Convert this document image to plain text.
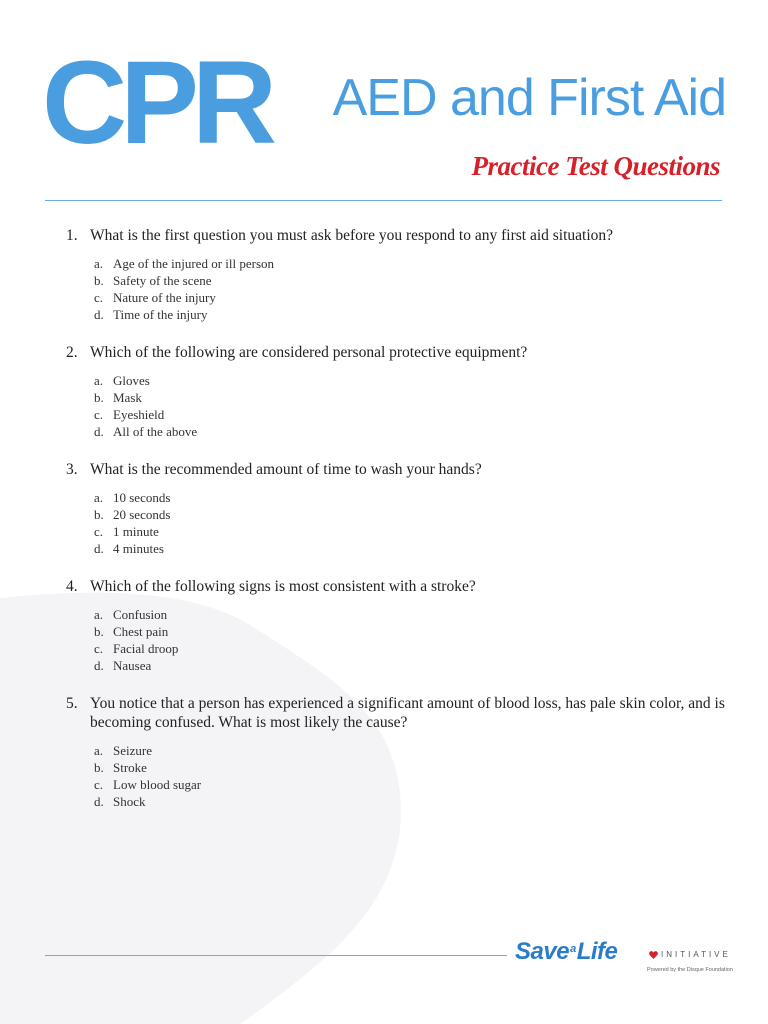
CPR AED and First Aid
Practice Test Questions
1. What is the first question you must ask before you respond to any first aid situation?
a. Age of the injured or ill person
b. Safety of the scene
c. Nature of the injury
d. Time of the injury
2. Which of the following are considered personal protective equipment?
a. Gloves
b. Mask
c. Eyeshield
d. All of the above
3. What is the recommended amount of time to wash your hands?
a. 10 seconds
b. 20 seconds
c. 1 minute
d. 4 minutes
4. Which of the following signs is most consistent with a stroke?
a. Confusion
b. Chest pain
c. Facial droop
d. Nausea
5. You notice that a person has experienced a significant amount of blood loss, has pale skin color, and is becoming confused. What is most likely the cause?
a. Seizure
b. Stroke
c. Low blood sugar
d. Shock
Save$^a$Life	INITIATIVE
Powered by the Disque Foundation
